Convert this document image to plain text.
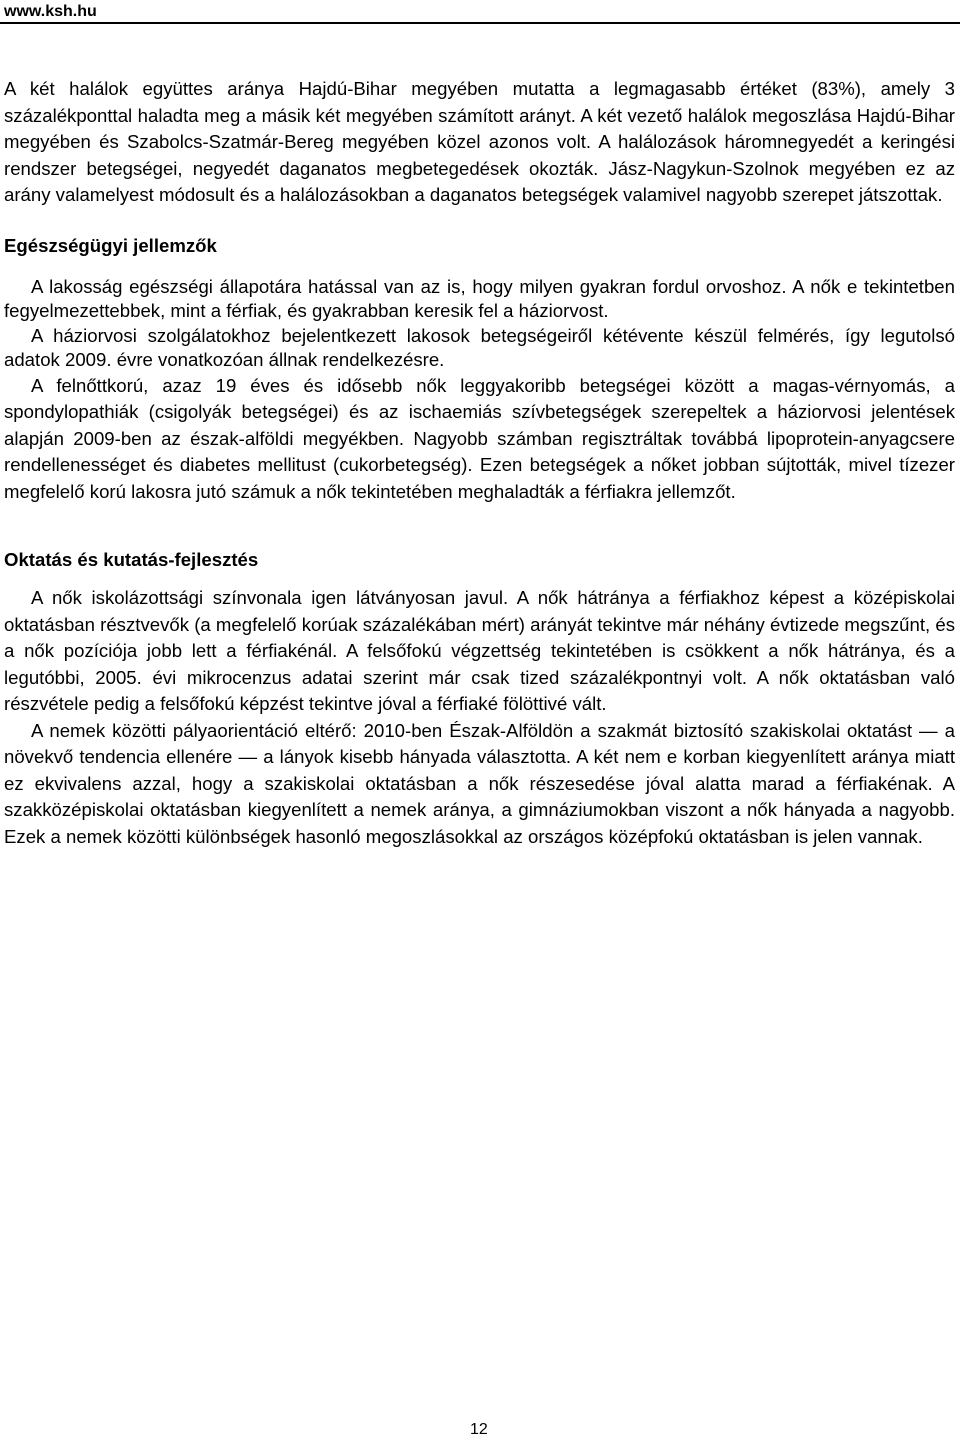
www.ksh.hu

A két halálok együttes aránya Hajdú-Bihar megyében mutatta a legmagasabb értéket (83%), amely 3 százalékponttal haladta meg a másik két megyében számított arányt. A két vezető halálok megoszlása Hajdú-Bihar megyében és Szabolcs-Szatmár-Bereg megyében közel azonos volt. A halálozások háromnegyedét a keringési rendszer betegségei, negyedét daganatos megbetegedések okozták. Jász-Nagykun-Szolnok megyében ez az arány valamelyest módosult és a halálozásokban a daganatos betegségek valamivel nagyobb szerepet játszottak.

Egészségügyi jellemzők

A lakosság egészségi állapotára hatással van az is, hogy milyen gyakran fordul orvoshoz. A nők e tekintetben fegyelmezettebbek, mint a férfiak, és gyakrabban keresik fel a háziorvost.

A háziorvosi szolgálatokhoz bejelentkezett lakosok betegségeiről kétévente készül felmérés, így legutolsó adatok 2009. évre vonatkozóan állnak rendelkezésre.

A felnőttkorú, azaz 19 éves és idősebb nők leggyakoribb betegségei között a magas-vérnyomás, a spondylopathiák (csigolyák betegségei) és az ischaemiás szívbetegségek szerepeltek a háziorvosi jelentések alapján 2009-ben az észak-alföldi megyékben. Nagyobb számban regisztráltak továbbá lipoprotein-anyagcsere rendellenességet és diabetes mellitust (cukorbetegség). Ezen betegségek a nőket jobban sújtották, mivel tízezer megfelelő korú lakosra jutó számuk a nők tekintetében meghaladták a férfiakra jellemzőt.

Oktatás és kutatás-fejlesztés

A nők iskolázottsági színvonala igen látványosan javul. A nők hátránya a férfiakhoz képest a középiskolai oktatásban résztvevők (a megfelelő korúak százalékában mért) arányát tekintve már néhány évtizede megszűnt, és a nők pozíciója jobb lett a férfiakénál. A felsőfokú végzettség tekintetében is csökkent a nők hátránya, és a legutóbbi, 2005. évi mikrocenzus adatai szerint már csak tized százalékpontnyi volt. A nők oktatásban való részvétele pedig a felsőfokú képzést tekintve jóval a férfiaké fölöttivé vált.

A nemek közötti pályaorientáció eltérő: 2010-ben Észak-Alföldön a szakmát biztosító szakiskolai oktatást — a növekvő tendencia ellenére — a lányok kisebb hányada választotta. A két nem e korban kiegyenlített aránya miatt ez ekvivalens azzal, hogy a szakiskolai oktatásban a nők részesedése jóval alatta marad a férfiakénak. A szakközépiskolai oktatásban kiegyenlített a nemek aránya, a gimnáziumokban viszont a nők hányada a nagyobb. Ezek a nemek közötti különbségek hasonló megoszlásokkal az országos középfokú oktatásban is jelen vannak.

12
